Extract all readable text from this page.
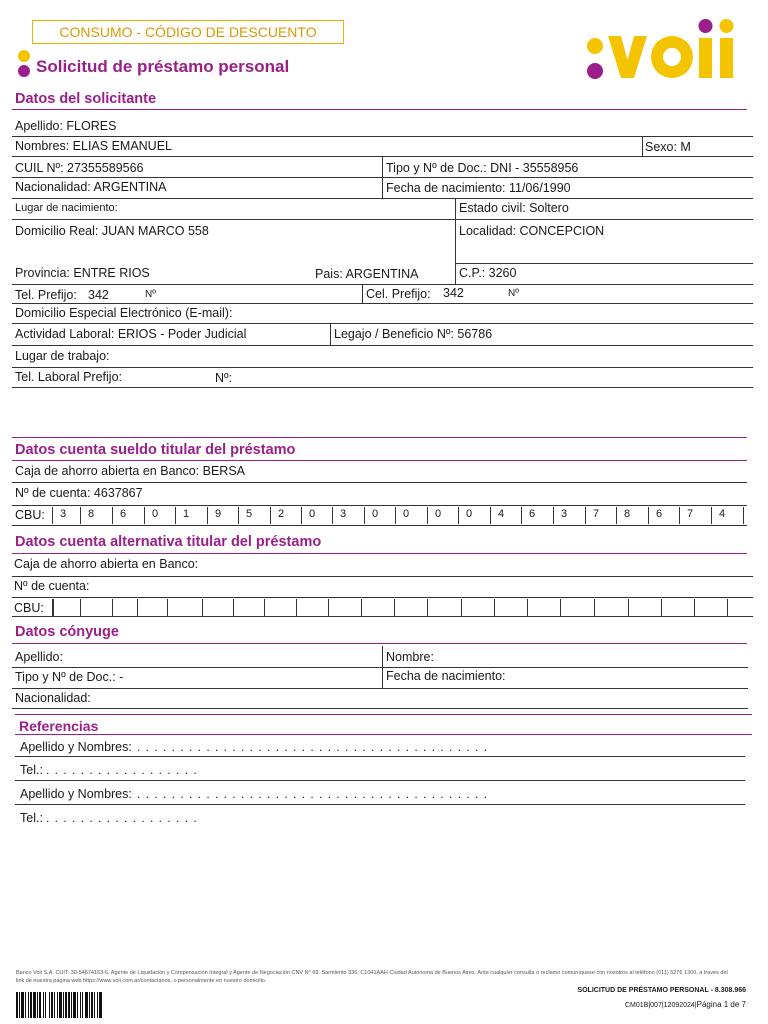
CONSUMO - CÓDIGO DE DESCUENTO
Solicitud de préstamo personal
Datos del solicitante
Apellido: FLORES
Nombres: ELIAS EMANUEL	Sexo: M
CUIL Nº: 27355589566	Tipo y Nº de Doc.: DNI - 35558956
Nacionalidad: ARGENTINA	Fecha de nacimiento: 11/06/1990
Lugar de nacimiento:	Estado civil: Soltero
Domicilio Real: JUAN MARCO 558	Localidad: CONCEPCION
Provincia: ENTRE RIOS	Pais: ARGENTINA	C.P.: 3260
Tel. Prefijo: 342	Nº	Cel. Prefijo: 342	Nº
Domicilio Especial Electrónico (E-mail):
Actividad Laboral: ERIOS - Poder Judicial	Legajo / Beneficio Nº: 56786
Lugar de trabajo:
Tel. Laboral Prefijo:	Nº:
Datos cuenta sueldo titular del préstamo
Caja de ahorro abierta en Banco: BERSA
Nº de cuenta: 4637867
CBU: 3 8 6 0 1 9 5 2 0 3 0 0 0 0 4 6 3 7 8 6 7 4
Datos cuenta alternativa titular del préstamo
Caja de ahorro abierta en Banco:
Nº de cuenta:
CBU:
Datos cónyuge
Apellido:	Nombre:
Tipo y Nº de Doc.: -	Fecha de nacimiento:
Nacionalidad:
Referencias
Apellido y Nombres: . . . . . . . . . . . . . . . . . . . . . . . . . . . . . . . . . . . . . . . . .
Tel.: . . . . . . . . . . . . . . . . . .
Apellido y Nombres: . . . . . . . . . . . . . . . . . . . . . . . . . . . . . . . . . . . . . . . . .
Tel.: . . . . . . . . . . . . . . . . . .
Banco Voii S.A. CUIT: 30-54674163-6. Agente de Liquidación y Compensación Integral y Agente de Negociación CNV N° 69. Sarmiento 336, C1041AAH Ciudad Autónoma de Buenos Aires. Ante cualquier consulta o reclamo comuníquese con nosotros al teléfono (011) 5276 1300, a través del link de nuestra página web https://www.voii.com.ar/contactanos, o personalmente en nuestro domicilio.
SOLICITUD DE PRÉSTAMO PERSONAL - 8.308.966
CM01B|007|12092024|Página 1 de 7
